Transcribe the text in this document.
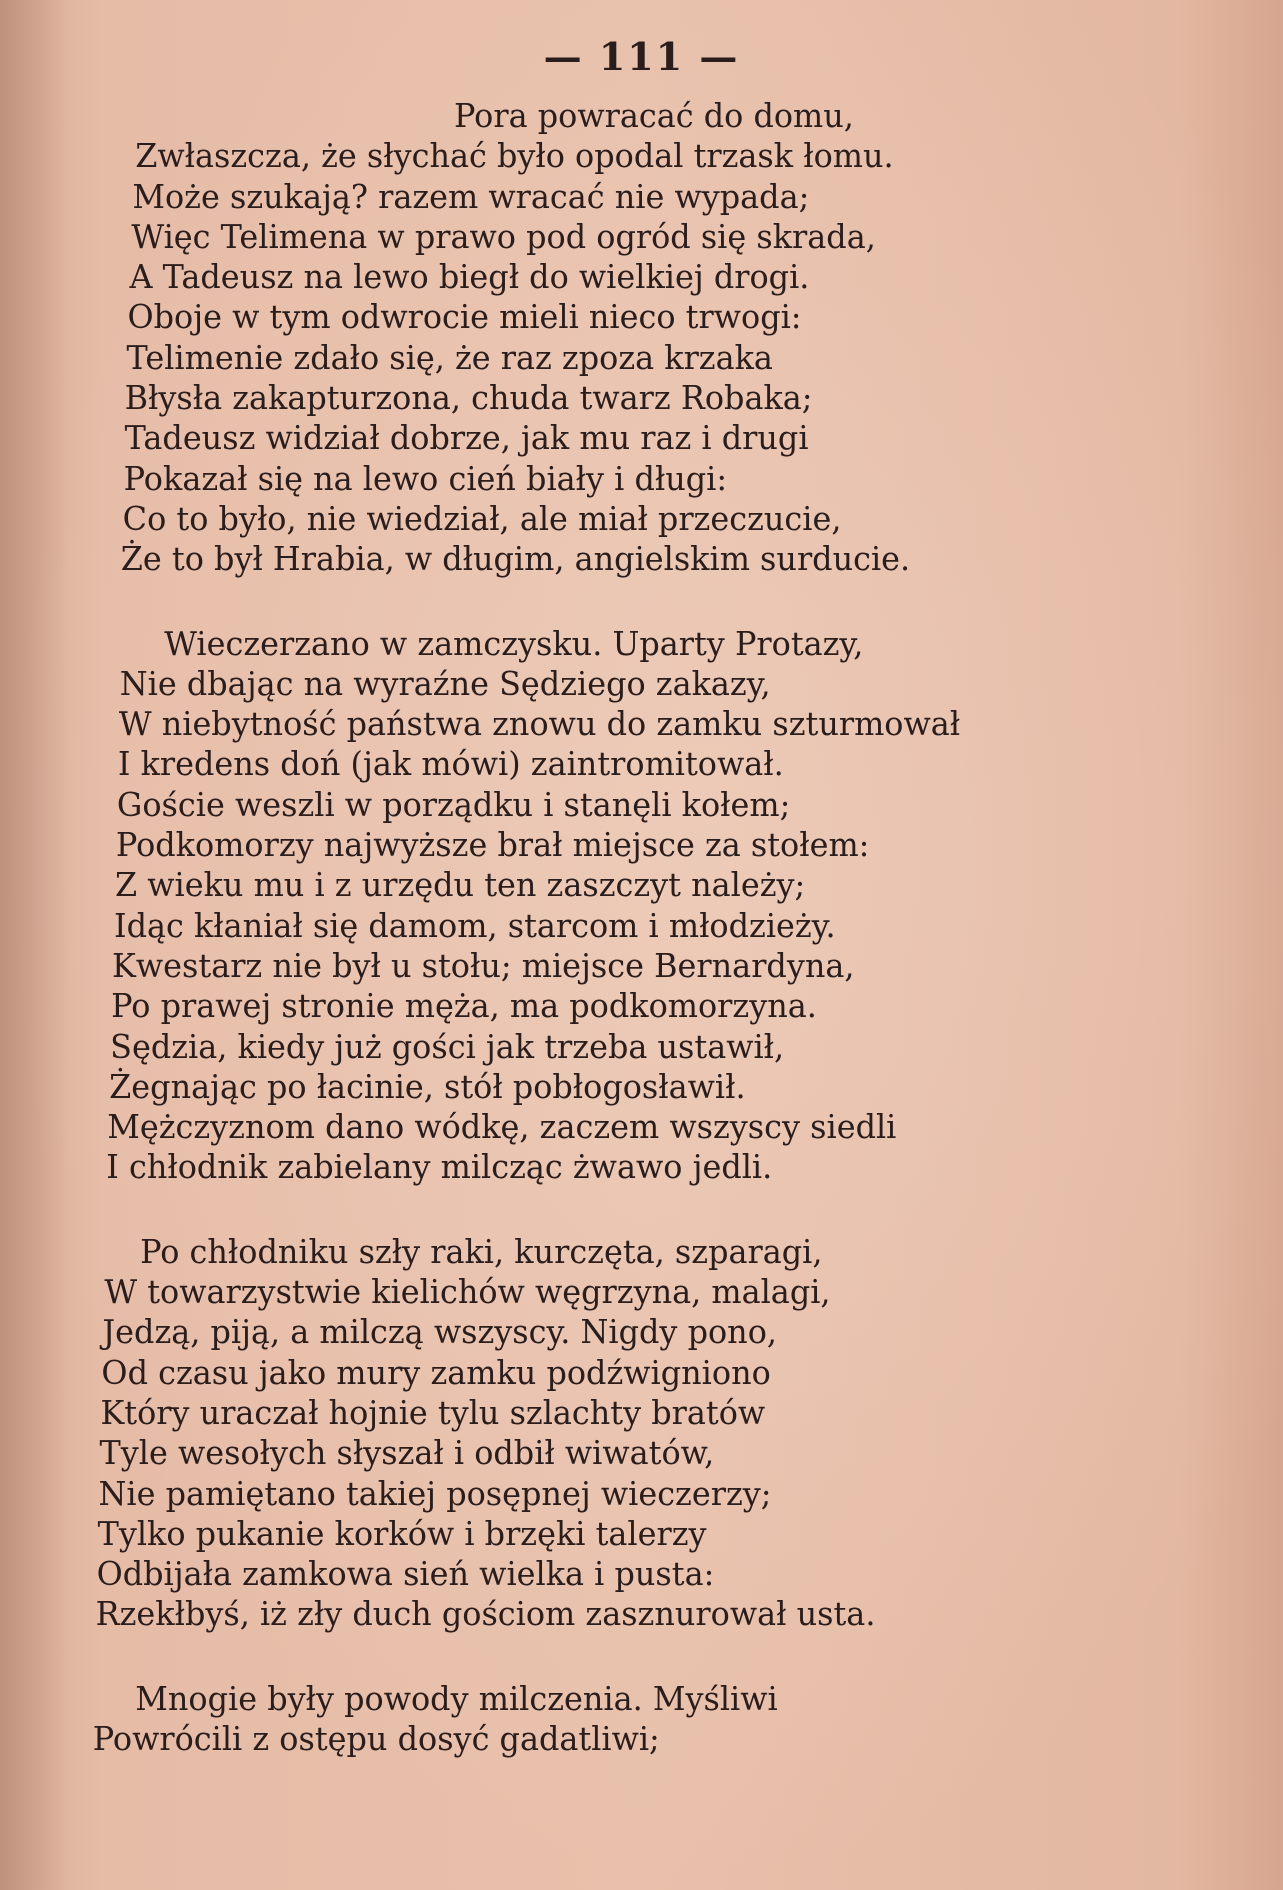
— 111 —
Pora powracać do domu,
Zwłaszcza, że słychać było opodal trzask łomu.
Może szukają? razem wracać nie wypada;
Więc Telimena w prawo pod ogród się skrada,
A Tadeusz na lewo biegł do wielkiej drogi.
Oboje w tym odwrocie mieli nieco trwogi:
Telimenie zdało się, że raz zpoza krzaka
Błysła zakapturzona, chuda twarz Robaka;
Tadeusz widział dobrze, jak mu raz i drugi
Pokazał się na lewo cień biały i długi:
Co to było, nie wiedział, ale miał przeczucie,
Że to był Hrabia, w długim, angielskim surducie.
Wieczerzano w zamczysku. Uparty Protazy,
Nie dbając na wyraźne Sędziego zakazy,
W niebytność państwa znowu do zamku szturmował
I kredens doń (jak mówi) zaintromitował.
Goście weszli w porządku i stanęli kołem;
Podkomorzy najwyższe brał miejsce za stołem:
Z wieku mu i z urzędu ten zaszczyt należy;
Idąc kłaniał się damom, starcom i młodzieży.
Kwestarz nie był u stołu; miejsce Bernardyna,
Po prawej stronie męża, ma podkomorzyna.
Sędzia, kiedy już gości jak trzeba ustawił,
Żegnając po łacinie, stół pobłogosławił.
Mężczyznom dano wódkę, zaczem wszyscy siedli
I chłodnik zabielany milcząc żwawo jedli.
Po chłodniku szły raki, kurczęta, szparagi,
W towarzystwie kielichów węgrzyna, malagi,
Jedzą, piją, a milczą wszyscy. Nigdy pono,
Od czasu jako mury zamku podźwigniono
Który uraczał hojnie tylu szlachty bratów
Tyle wesołych słyszał i odbił wiwatów,
Nie pamiętano takiej posępnej wieczerzy;
Tylko pukanie korków i brzęki talerzy
Odbijała zamkowa sień wielka i pusta:
Rzekłbyś, iż zły duch gościom zasznurował usta.
Mnogie były powody milczenia. Myśliwi
Powrócili z ostępu dosyć gadatliwi;
